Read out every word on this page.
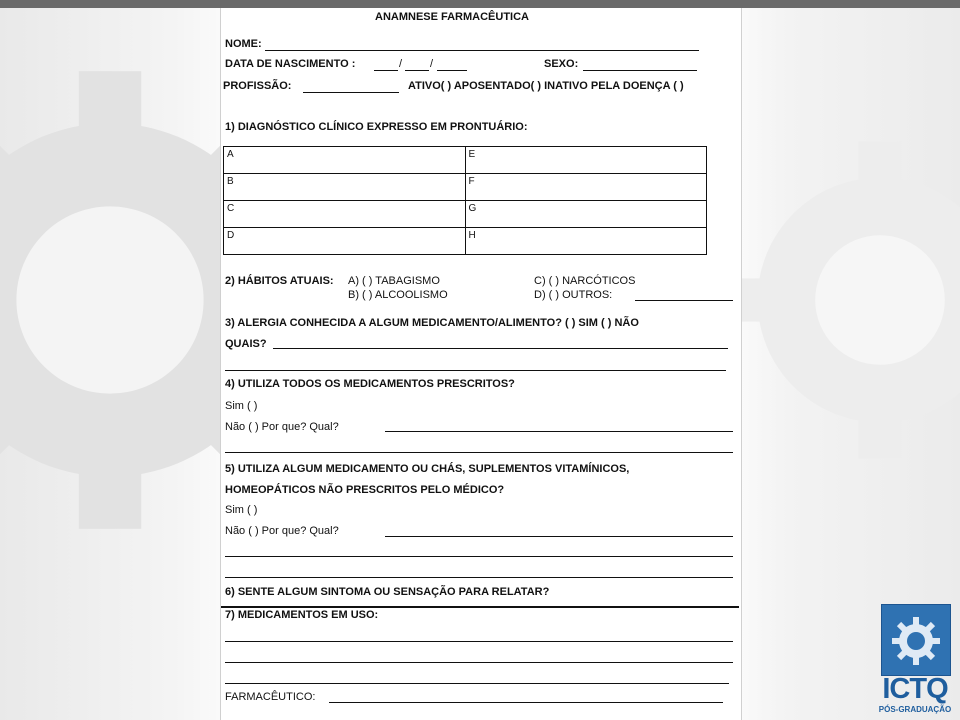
ANAMNESE FARMACÊUTICA
NOME:
DATA DE NASCIMENTO :	/	/	SEXO:
PROFISSÃO:	ATIVO( ) APOSENTADO( ) INATIVO PELA DOENÇA ( )
1) DIAGNÓSTICO CLÍNICO EXPRESSO EM PRONTUÁRIO:
A	E
B	F
C	G
D	H
2) HÁBITOS ATUAIS: A) ( ) TABAGISMO
B) ( ) ALCOOLISMO
C) ( ) NARCÓTICOS
D) ( ) OUTROS:
3) ALERGIA CONHECIDA A ALGUM MEDICAMENTO/ALIMENTO? ( ) SIM ( ) NÃO
QUAIS?
4) UTILIZA TODOS OS MEDICAMENTOS PRESCRITOS?
Sim ( )
Não ( ) Por que? Qual?
5) UTILIZA ALGUM MEDICAMENTO OU CHÁS, SUPLEMENTOS VITAMÍNICOS,
HOMEOPÁTICOS NÃO PRESCRITOS PELO MÉDICO?
Sim ( )
Não ( ) Por que? Qual?
6) SENTE ALGUM SINTOMA OU SENSAÇÃO PARA RELATAR?
7) MEDICAMENTOS EM USO:
FARMACÊUTICO:	ICTQ
PÓS-GRADUAÇÃO
